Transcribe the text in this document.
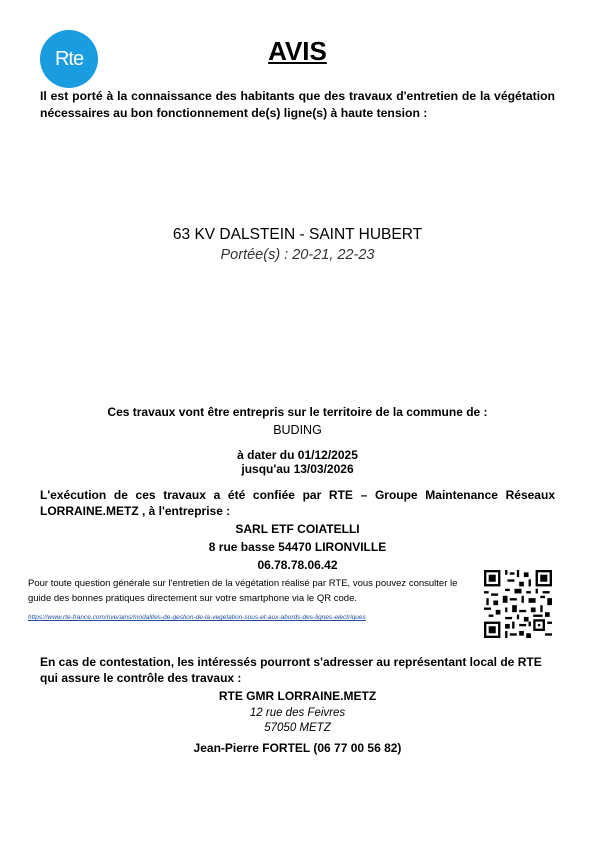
Rte	AVIS
Il est porté à la connaissance des habitants que des travaux d'entretien de la végétation nécessaires au bon fonctionnement de(s) ligne(s) à haute tension :
63 KV DALSTEIN - SAINT HUBERT
Portée(s) : 20-21, 22-23
Ces travaux vont être entrepris sur le territoire de la commune de :
BUDING
à dater du 01/12/2025
jusqu'au 13/03/2026
L'exécution de ces travaux a été confiée par RTE – Groupe Maintenance Réseaux LORRAINE.METZ , à l'entreprise :
SARL ETF COIATELLI
8 rue basse 54470 LIRONVILLE
06.78.78.06.42
Pour toute question générale sur l'entretien de la végétation réalisé par RTE, vous pouvez consulter le guide des bonnes pratiques directement sur votre smartphone via le QR code.
https://www.rte-france.com/riverains/modalites-de-gestion-de-la-vegetation-sous-et-aux-abords-des-lignes-electriques
En cas de contestation, les intéressés pourront s'adresser au représentant local de RTE qui assure le contrôle des travaux :
RTE GMR LORRAINE.METZ
12 rue des Feivres
57050 METZ
Jean-Pierre FORTEL (06 77 00 56 82)
